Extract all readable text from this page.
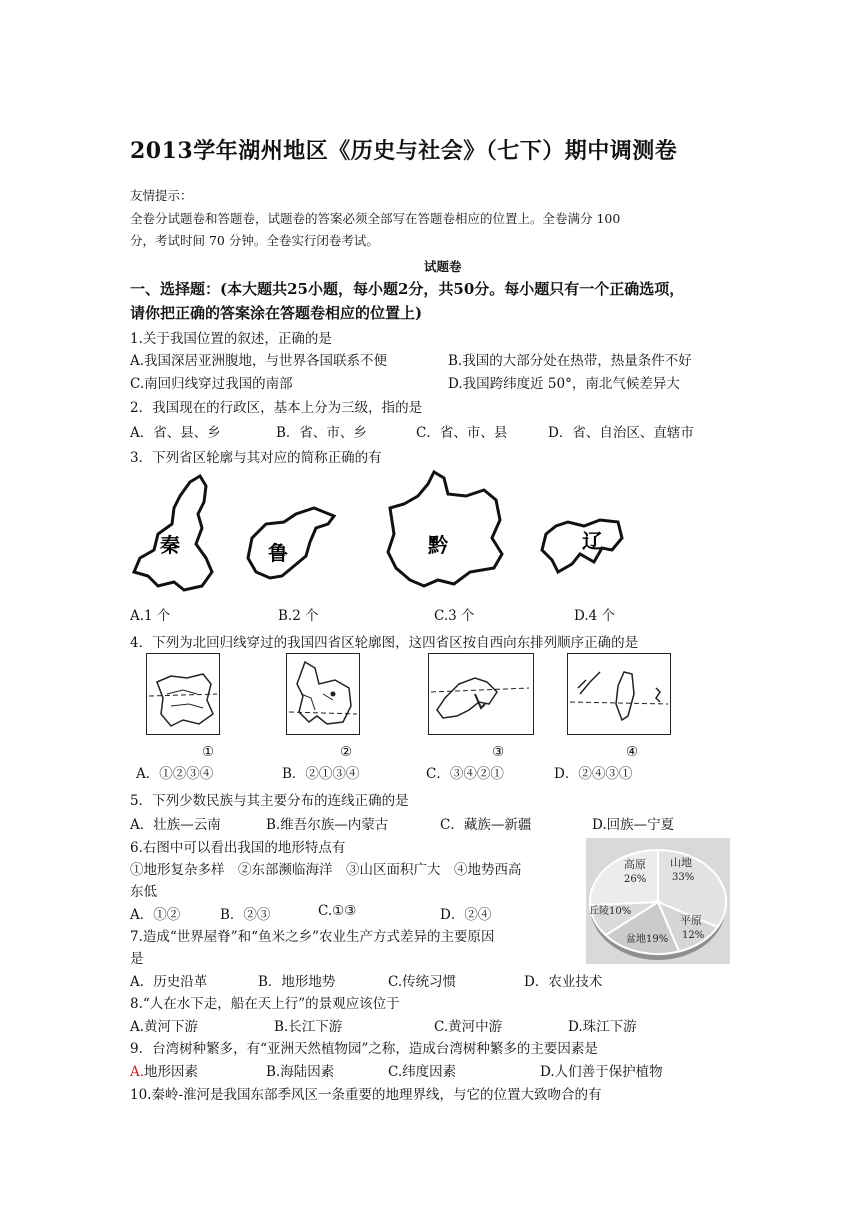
2013学年湖州地区《历史与社会》（七下）期中调测卷
友情提示：
全卷分试题卷和答题卷，试题卷的答案必须全部写在答题卷相应的位置上。全卷满分 100
分，考试时间 70 分钟。全卷实行闭卷考试。
试题卷
一、选择题：(本大题共25小题，每小题2分，共50分。每小题只有一个正确选项，
请你把正确的答案涂在答题卷相应的位置上)
1.关于我国位置的叙述，正确的是
A.我国深居亚洲腹地，与世界各国联系不便	B.我国的大部分处在热带，热量条件不好
C.南回归线穿过我国的南部	D.我国跨纬度近 50°，南北气候差异大
2．我国现在的行政区，基本上分为三级，指的是
A．省、县、乡	B．省、市、乡	C．省、市、县	D．省、自治区、直辖市
3．下列省区轮廓与其对应的简称正确的有
秦	鲁	黔	辽
A.1 个	B.2 个	C.3 个	D.4 个
4．下列为北回归线穿过的我国四省区轮廓图，这四省区按自西向东排列顺序正确的是
①	②	③	④
A．①②③④	B．②①③④	C．③④②①	D．②④③①
5．下列少数民族与其主要分布的连线正确的是
A．壮族—云南	B.维吾尔族—内蒙古	C．藏族—新疆	D.回族—宁夏
6.右图中可以看出我国的地形特点有
①地形复杂多样　②东部濒临海洋　③山区面积广大　④地势西高
东低
A．①②	B．②③	C.①③	D．②④
高原
26%
山地
33%
丘陵10%
平原
12%
盆地19%
7.造成“世界屋脊”和“鱼米之乡”农业生产方式差异的主要原因
是
A．历史沿革	B．地形地势	C.传统习惯	D．农业技术
8.“人在水下走，船在天上行”的景观应该位于
A.黄河下游	B.长江下游	C.黄河中游	D.珠江下游
9．台湾树种繁多，有“亚洲天然植物园”之称，造成台湾树种繁多的主要因素是
A.地形因素	B.海陆因素	C.纬度因素	D.人们善于保护植物
10.秦岭-淮河是我国东部季风区一条重要的地理界线，与它的位置大致吻合的有
